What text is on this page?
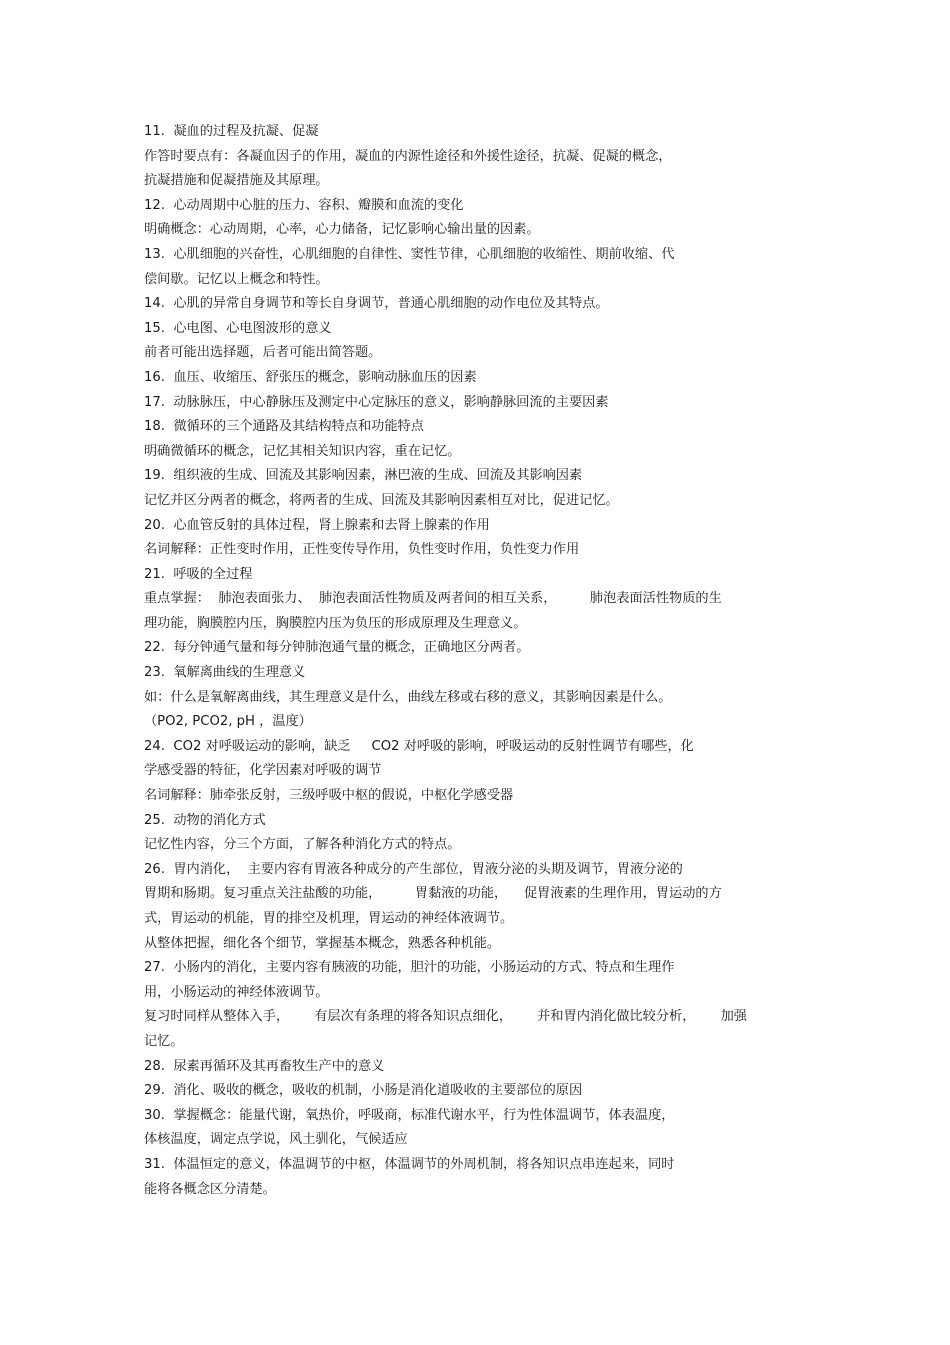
11.  凝血的过程及抗凝、促凝
作答时要点有：各凝血因子的作用，凝血的内源性途径和外援性途径，抗凝、促凝的概念，
抗凝措施和促凝措施及其原理。
12.  心动周期中心脏的压力、容积、瓣膜和血流的变化
明确概念：心动周期，心率，心力储备，记忆影响心输出量的因素。
13.  心肌细胞的兴奋性，心肌细胞的自律性、窦性节律，心肌细胞的收缩性、期前收缩、代
偿间歇。记忆以上概念和特性。
14.  心肌的异常自身调节和等长自身调节，普通心肌细胞的动作电位及其特点。
15.  心电图、心电图波形的意义
前者可能出选择题，后者可能出简答题。
16.  血压、收缩压、舒张压的概念，影响动脉血压的因素
17.  动脉脉压，中心静脉压及测定中心定脉压的意义，影响静脉回流的主要因素
18.  微循环的三个通路及其结构特点和功能特点
明确微循环的概念，记忆其相关知识内容，重在记忆。
19.  组织液的生成、回流及其影响因素，淋巴液的生成、回流及其影响因素
记忆并区分两者的概念，将两者的生成、回流及其影响因素相互对比，促进记忆。
20.  心血管反射的具体过程，肾上腺素和去肾上腺素的作用
名词解释：正性变时作用，正性变传导作用，负性变时作用，负性变力作用
21.  呼吸的全过程
重点掌握：  肺泡表面张力、  肺泡表面活性物质及两者间的相互关系，        肺泡表面活性物质的生
理功能，胸膜腔内压，胸膜腔内压为负压的形成原理及生理意义。
22.  每分钟通气量和每分钟肺泡通气量的概念，正确地区分两者。
23.  氧解离曲线的生理意义
如：什么是氧解离曲线，其生理意义是什么，曲线左移或右移的意义，其影响因素是什么。
（PO2, PCO2, pH ，温度）
24.  CO2 对呼吸运动的影响，缺乏     CO2 对呼吸的影响，呼吸运动的反射性调节有哪些，化
学感受器的特征，化学因素对呼吸的调节
名词解释：肺牵张反射，三级呼吸中枢的假说，中枢化学感受器
25.  动物的消化方式
记忆性内容，分三个方面，了解各种消化方式的特点。
26.  胃内消化，  主要内容有胃液各种成分的产生部位，胃液分泌的头期及调节，胃液分泌的
胃期和肠期。复习重点关注盐酸的功能，        胃黏液的功能，    促胃液素的生理作用，胃运动的方
式，胃运动的机能，胃的排空及机理，胃运动的神经体液调节。
从整体把握，细化各个细节，掌握基本概念，熟悉各种机能。
27.  小肠内的消化，主要内容有胰液的功能，胆汁的功能，小肠运动的方式、特点和生理作
用，小肠运动的神经体液调节。
复习时同样从整体入手，      有层次有条理的将各知识点细化，      并和胃内消化做比较分析，      加强
记忆。
28.  尿素再循环及其再畜牧生产中的意义
29.  消化、吸收的概念，吸收的机制，小肠是消化道吸收的主要部位的原因
30.  掌握概念：能量代谢，氧热价，呼吸商，标准代谢水平，行为性体温调节，体表温度，
体核温度，调定点学说，风土驯化，气候适应
31.  体温恒定的意义，体温调节的中枢，体温调节的外周机制，将各知识点串连起来，同时
能将各概念区分清楚。
